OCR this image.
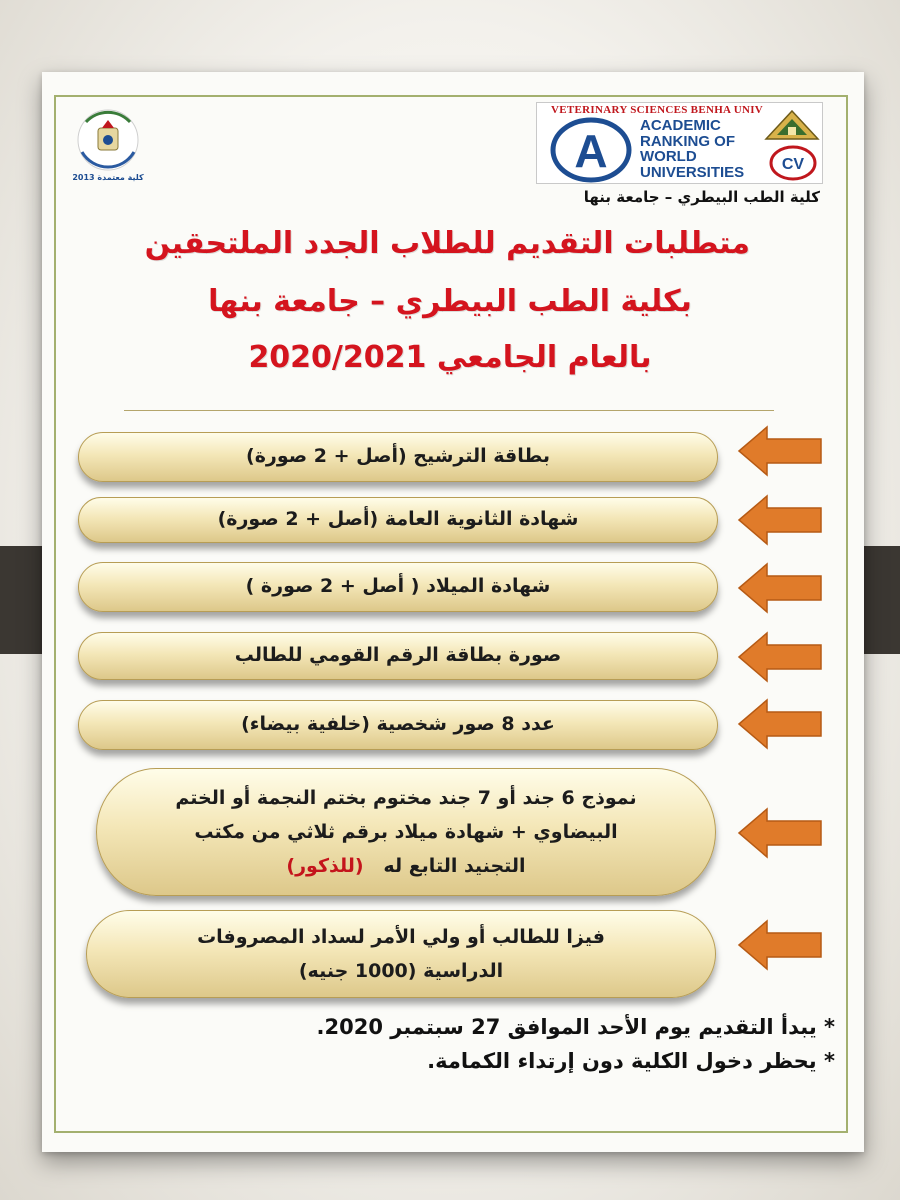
كلية معتمدة 2013
VETERINARY SCIENCES BENHA UNIV
A ACADEMIC
RANKING OF
WORLD
UNIVERSITIES	CV
كلية الطب البيطري – جامعة بنها
متطلبات التقديم للطلاب الجدد الملتحقين
بكلية الطب البيطري – جامعة بنها
بالعام الجامعي 2020/2021
بطاقة الترشيح (أصل + 2 صورة)
شهادة الثانوية العامة (أصل + 2 صورة)
شهادة الميلاد ( أصل + 2 صورة )
صورة بطاقة الرقم القومي للطالب
عدد 8 صور شخصية (خلفية بيضاء)
نموذج 6 جند أو 7 جند مختوم بختم النجمة أو الختم
البيضاوي + شهادة ميلاد برقم ثلاثي من مكتب
التجنيد التابع له   (للذكور)
فيزا للطالب أو ولي الأمر لسداد المصروفات
الدراسية (1000 جنيه)
* يبدأ التقديم يوم الأحد الموافق 27 سبتمبر 2020.
* يحظر دخول الكلية دون إرتداء الكمامة.
